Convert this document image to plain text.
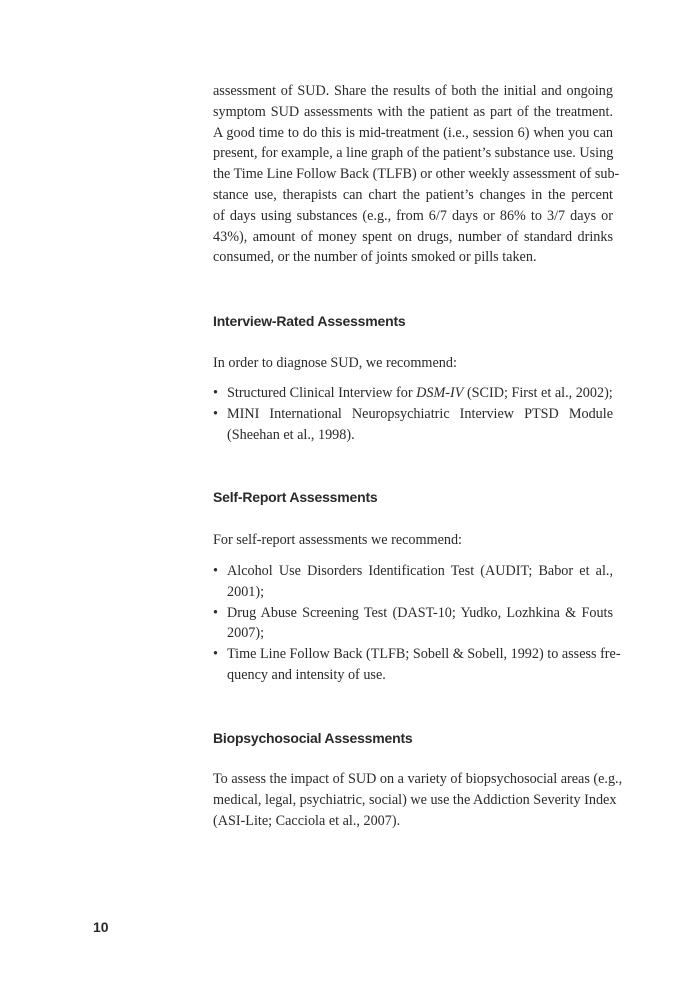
assessment of SUD. Share the results of both the initial and ongoing
symptom SUD assessments with the patient as part of the treatment.
A good time to do this is mid-treatment (i.e., session 6) when you can
present, for example, a line graph of the patient’s substance use. Using
the Time Line Follow Back (TLFB) or other weekly assessment of sub-
stance use, therapists can chart the patient’s changes in the percent
of days using substances (e.g., from 6/7 days or 86% to 3/7 days or
43%), amount of money spent on drugs, number of standard drinks
consumed, or the number of joints smoked or pills taken.
Interview-Rated Assessments
In order to diagnose SUD, we recommend:
• Structured Clinical Interview for DSM-IV (SCID; First et al., 2002);
• MINI International Neuropsychiatric Interview PTSD Module
(Sheehan et al., 1998).
Self-Report Assessments
For self-report assessments we recommend:
• Alcohol Use Disorders Identification Test (AUDIT; Babor et al.,
2001);
• Drug Abuse Screening Test (DAST-10; Yudko, Lozhkina & Fouts
2007);
• Time Line Follow Back (TLFB; Sobell & Sobell, 1992) to assess fre-
quency and intensity of use.
Biopsychosocial Assessments
To assess the impact of SUD on a variety of biopsychosocial areas (e.g.,
medical, legal, psychiatric, social) we use the Addiction Severity Index
(ASI-Lite; Cacciola et al., 2007).
10
